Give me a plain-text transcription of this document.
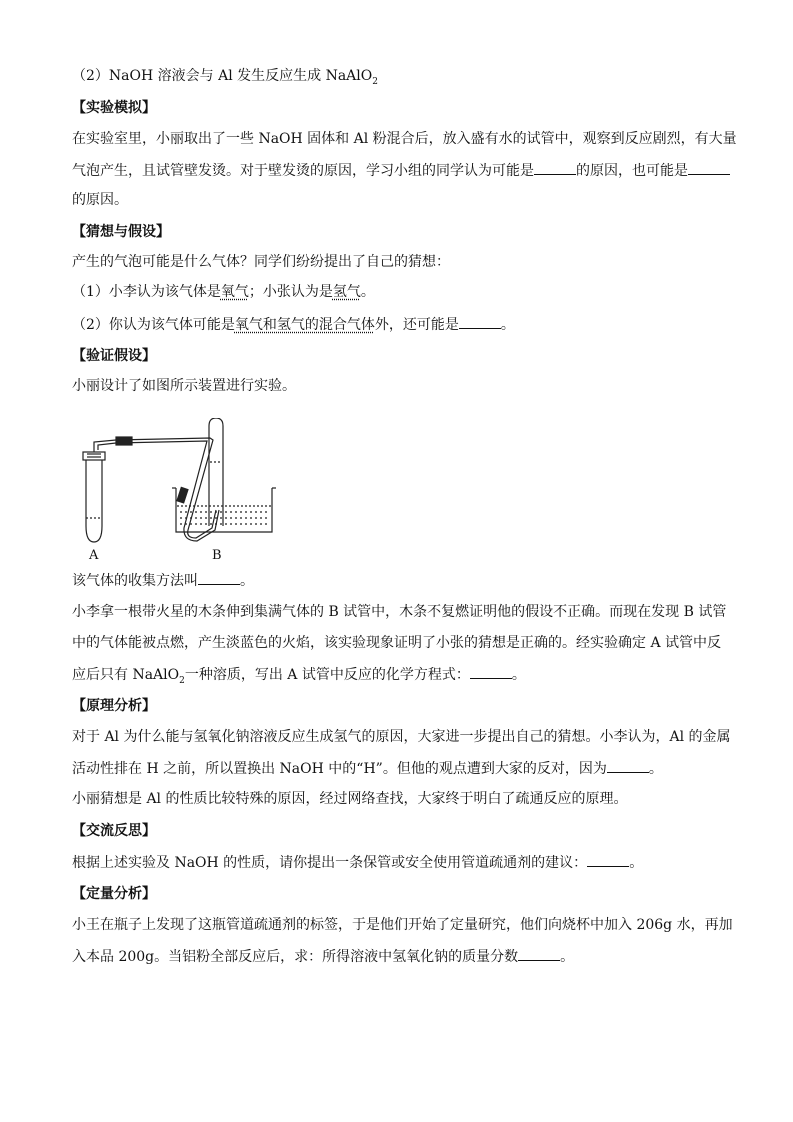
（2）NaOH 溶液会与 Al 发生反应生成 NaAlO$_2$
【实验模拟】
在实验室里，小丽取出了一些 NaOH 固体和 Al 粉混合后，放入盛有水的试管中，观察到反应剧烈，有大量
气泡产生，且试管壁发烫。对于壁发烫的原因，学习小组的同学认为可能是	的原因，也可能是
的原因。
【猜想与假设】
产生的气泡可能是什么气体？同学们纷纷提出了自己的猜想：
（1）小李认为该气体是氧气；小张认为是氢气。
（2）你认为该气体可能是氧气和氢气的混合气体外，还可能是	。
【验证假设】
小丽设计了如图所示装置进行实验。
该气体的收集方法叫	。
小李拿一根带火星的木条伸到集满气体的 B 试管中，木条不复燃证明他的假设不正确。而现在发现 B 试管
中的气体能被点燃，产生淡蓝色的火焰，该实验现象证明了小张的猜想是正确的。经实验确定 A 试管中反
应后只有 NaAlO$_2$一种溶质，写出 A 试管中反应的化学方程式：	。
【原理分析】
对于 Al 为什么能与氢氧化钠溶液反应生成氢气的原因，大家进一步提出自己的猜想。小李认为，Al 的金属
活动性排在 H 之前，所以置换出 NaOH 中的“H”。但他的观点遭到大家的反对，因为	。
小丽猜想是 Al 的性质比较特殊的原因，经过网络查找，大家终于明白了疏通反应的原理。
【交流反思】
根据上述实验及 NaOH 的性质，请你提出一条保管或安全使用管道疏通剂的建议：	。
【定量分析】
小王在瓶子上发现了这瓶管道疏通剂的标签，于是他们开始了定量研究，他们向烧杯中加入 206g 水，再加
入本品 200g。当铝粉全部反应后，求：所得溶液中氢氧化钠的质量分数	。
A	B
